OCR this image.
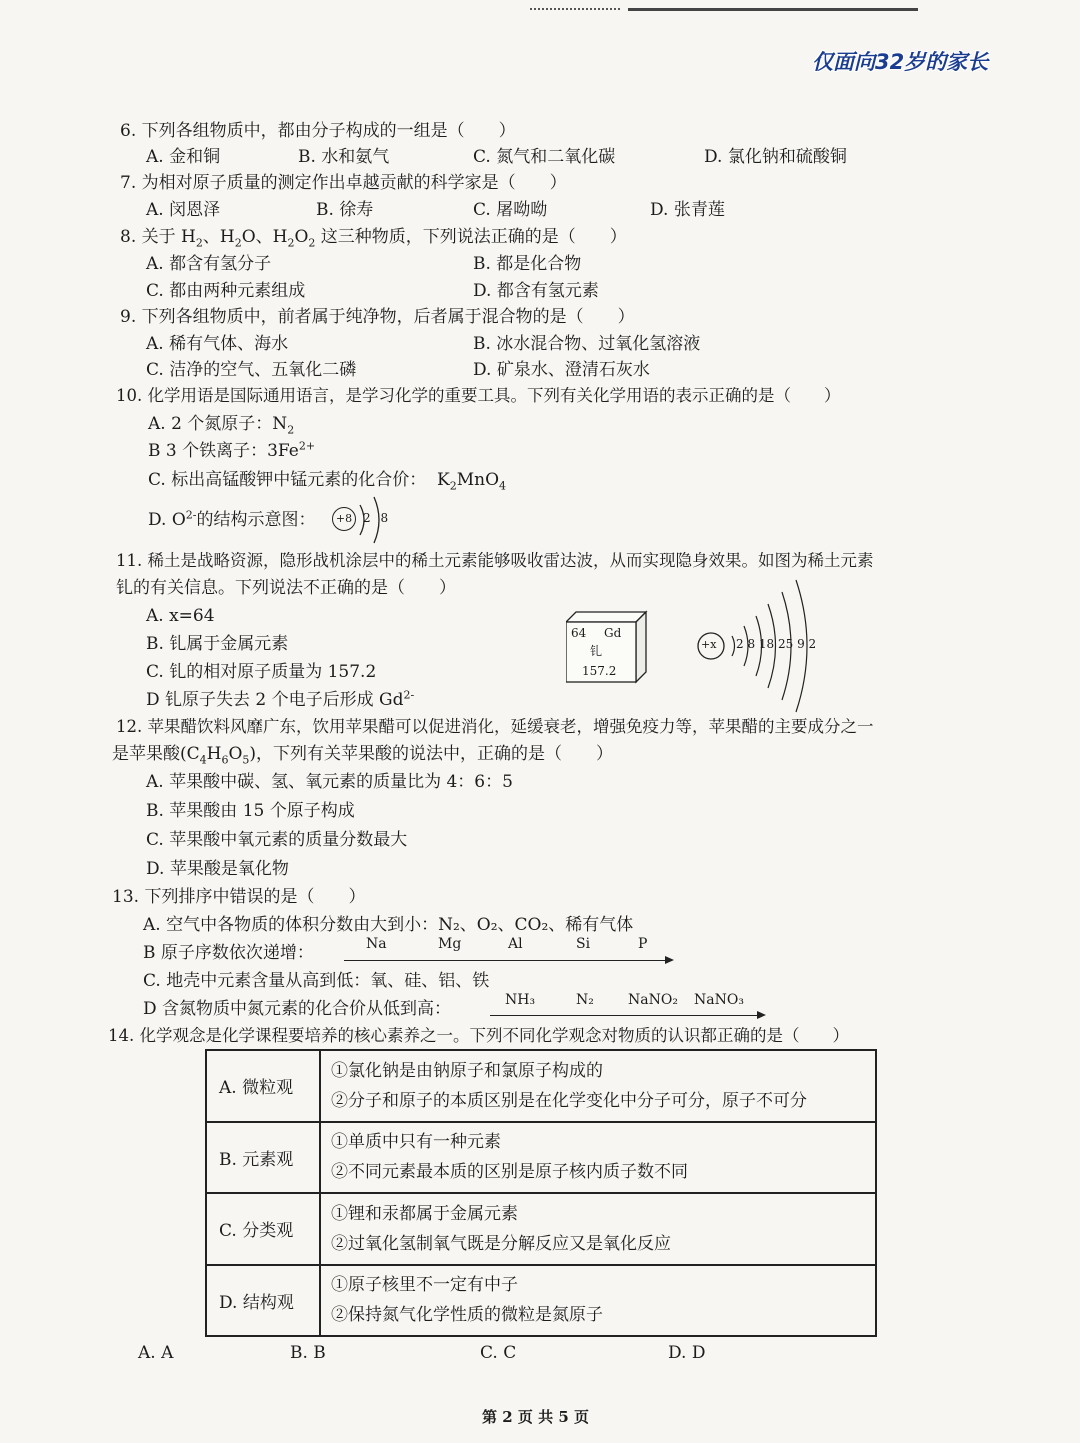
仅面向32岁的家长
6. 下列各组物质中，都由分子构成的一组是（　　）
A. 金和铜	B. 水和氨气	C. 氮气和二氧化碳	D. 氯化钠和硫酸铜
7. 为相对原子质量的测定作出卓越贡献的科学家是（　　）
A. 闵恩泽	B. 徐寿	C. 屠呦呦	D. 张青莲
8. 关于 $H_2$、$H_2O$、$H_2O_2$ 这三种物质，下列说法正确的是（　　）
A. 都含有氢分子	B. 都是化合物
C. 都由两种元素组成	D. 都含有氢元素
9. 下列各组物质中，前者属于纯净物，后者属于混合物的是（　　）
A. 稀有气体、海水	B. 冰水混合物、过氧化氢溶液
C. 洁净的空气、五氧化二磷	D. 矿泉水、澄清石灰水
10. 化学用语是国际通用语言，是学习化学的重要工具。下列有关化学用语的表示正确的是（　　）
A. 2 个氮原子：$N_2$
B 3 个铁离子：$3Fe^{2+}$
C. 标出高锰酸钾中锰元素的化合价： $K_2MnO_4$
D. $O^{2-}$的结构示意图：	+8 2 8
11. 稀土是战略资源，隐形战机涂层中的稀土元素能够吸收雷达波，从而实现隐身效果。如图为稀土元素
钆的有关信息。下列说法不正确的是（　　）
A. x=64
B. 钆属于金属元素
C. 钆的相对原子质量为 157.2
D 钆原子失去 2 个电子后形成 $Gd^{2-}$
64 Gd
钆
157.2
+x 2 8 18 25 9 2
12. 苹果醋饮料风靡广东，饮用苹果醋可以促进消化，延缓衰老，增强免疫力等，苹果醋的主要成分之一
是苹果酸$(C_4H_6O_5)$，下列有关苹果酸的说法中，正确的是（　　）
A. 苹果酸中碳、氢、氧元素的质量比为 4：6：5
B. 苹果酸由 15 个原子构成
C. 苹果酸中氧元素的质量分数最大
D. 苹果酸是氧化物
13. 下列排序中错误的是（　　）
A. 空气中各物质的体积分数由大到小：N₂、O₂、CO₂、稀有气体
B 原子序数依次递增：	Na	Mg	Al	Si	P
C. 地壳中元素含量从高到低：氧、硅、铝、铁
D 含氮物质中氮元素的化合价从低到高：	NH₃	N₂ NaNO₂ NaNO₃
14. 化学观念是化学课程要培养的核心素养之一。下列不同化学观念对物质的认识都正确的是（　　）
A. 微粒观	①氯化钠是由钠原子和氯原子构成的
②分子和原子的本质区别是在化学变化中分子可分，原子不可分

B. 元素观	①单质中只有一种元素
②不同元素最本质的区别是原子核内质子数不同

C. 分类观	①锂和汞都属于金属元素
②过氧化氢制氧气既是分解反应又是氧化反应

D. 结构观	①原子核里不一定有中子
②保持氮气化学性质的微粒是氮原子
A. A	B. B	C. C	D. D
第 2 页 共 5 页
